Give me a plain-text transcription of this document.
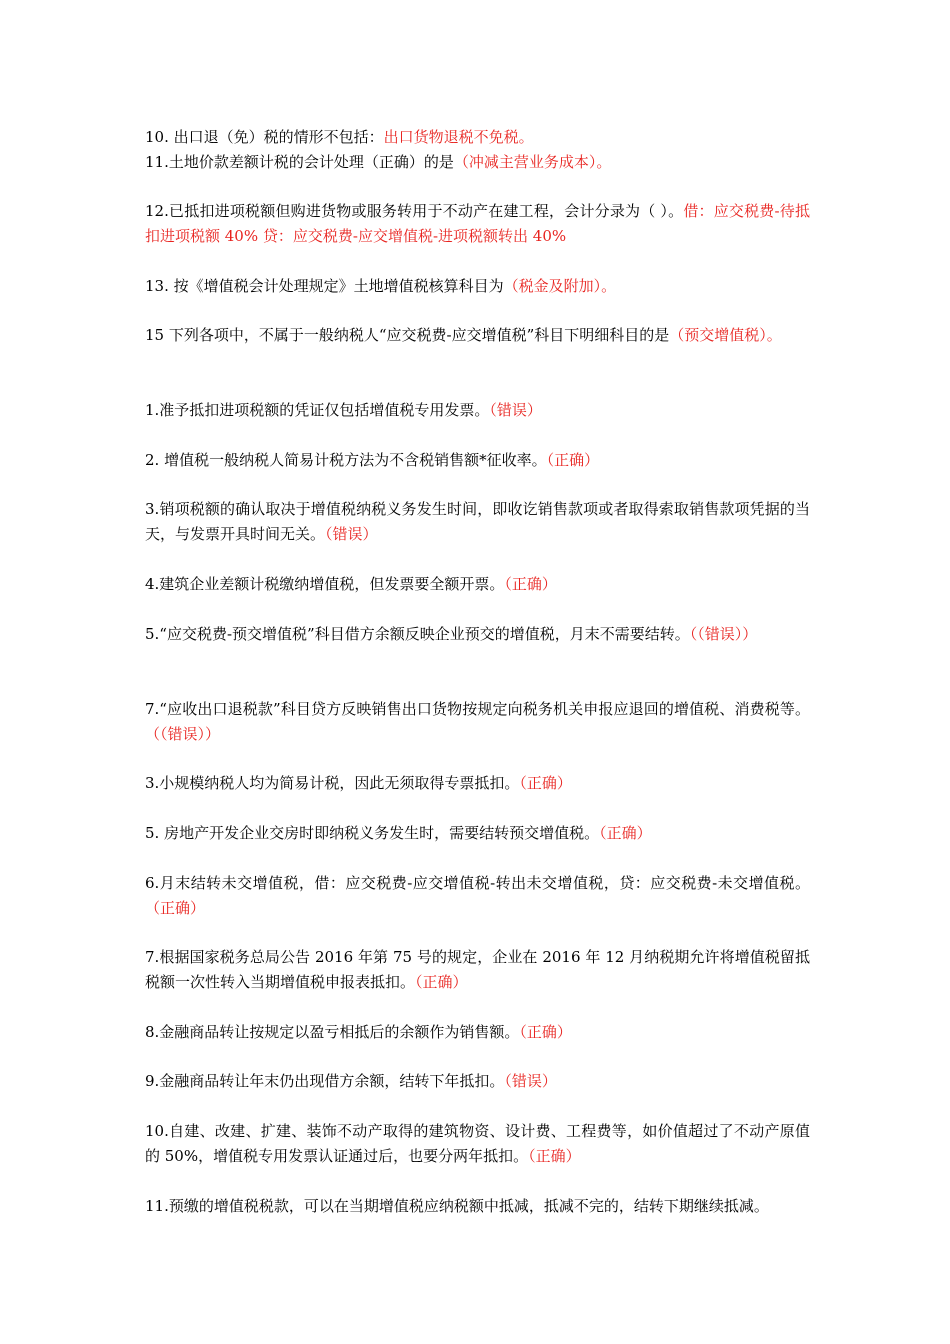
10. 出口退（免）税的情形不包括：出口货物退税不免税。

11.土地价款差额计税的会计处理（正确）的是（冲减主营业务成本）。

12.已抵扣进项税额但购进货物或服务转用于不动产在建工程，会计分录为（ ）。借：应交税费-待抵扣进项税额 40% 贷：应交税费-应交增值税-进项税额转出 40%

13. 按《增值税会计处理规定》土地增值税核算科目为（税金及附加）。

15 下列各项中，不属于一般纳税人“应交税费-应交增值税”科目下明细科目的是（预交增值税）。

1.准予抵扣进项税额的凭证仅包括增值税专用发票。（错误）

2. 增值税一般纳税人简易计税方法为不含税销售额*征收率。（正确）

3.销项税额的确认取决于增值税纳税义务发生时间，即收讫销售款项或者取得索取销售款项凭据的当天，与发票开具时间无关。（错误）

4.建筑企业差额计税缴纳增值税，但发票要全额开票。（正确）

5.“应交税费-预交增值税”科目借方余额反映企业预交的增值税，月末不需要结转。（（错误））

7.“应收出口退税款”科目贷方反映销售出口货物按规定向税务机关申报应退回的增值税、消费税等。（（错误））

3.小规模纳税人均为简易计税，因此无须取得专票抵扣。（正确）

5. 房地产开发企业交房时即纳税义务发生时，需要结转预交增值税。（正确）

6.月末结转未交增值税，借：应交税费-应交增值税-转出未交增值税，贷：应交税费-未交增值税。（正确）

7.根据国家税务总局公告 2016 年第 75 号的规定，企业在 2016 年 12 月纳税期允许将增值税留抵税额一次性转入当期增值税申报表抵扣。（正确）

8.金融商品转让按规定以盈亏相抵后的余额作为销售额。（正确）

9.金融商品转让年末仍出现借方余额，结转下年抵扣。（错误）

10.自建、改建、扩建、装饰不动产取得的建筑物资、设计费、工程费等，如价值超过了不动产原值的 50%，增值税专用发票认证通过后，也要分两年抵扣。（正确）

11.预缴的增值税税款，可以在当期增值税应纳税额中抵减，抵减不完的，结转下期继续抵减。
